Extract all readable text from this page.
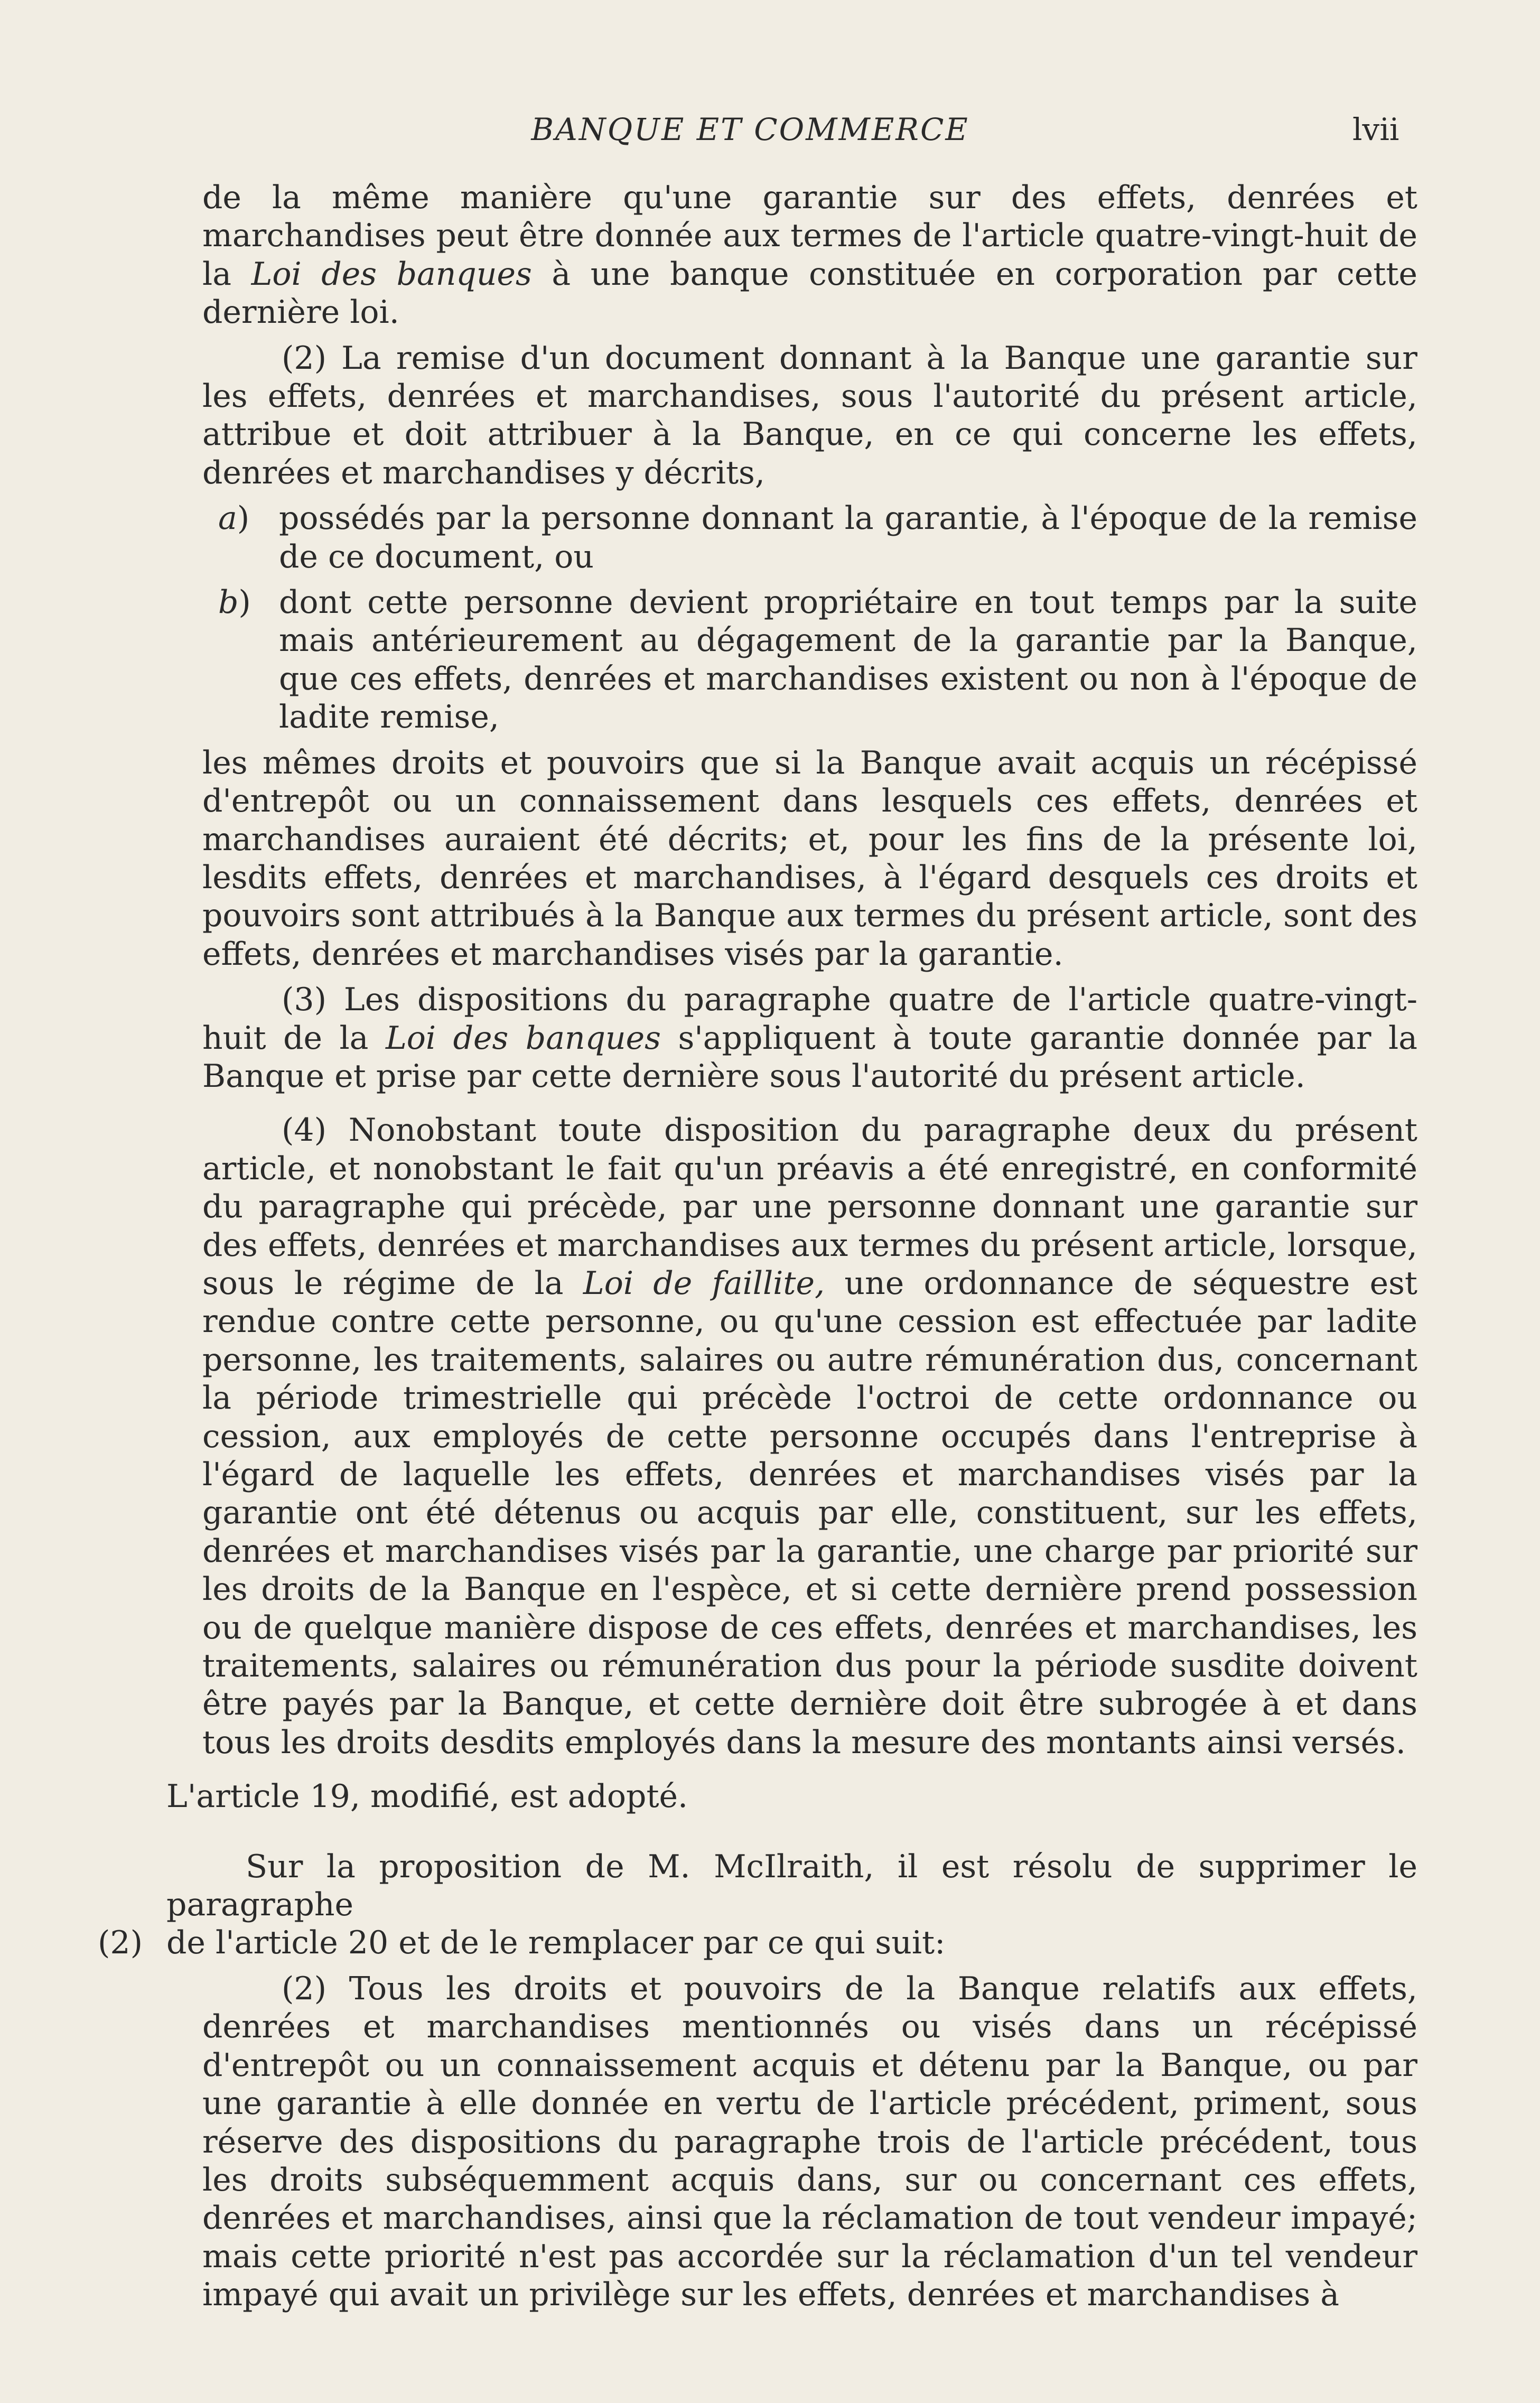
BANQUE ET COMMERCE	lvii

de la même manière qu'une garantie sur des effets, denrées et marchandises peut être donnée aux termes de l'article quatre-vingt-huit de la Loi des banques à une banque constituée en corporation par cette dernière loi.

(2) La remise d'un document donnant à la Banque une garantie sur les effets, denrées et marchandises, sous l'autorité du présent article, attribue et doit attribuer à la Banque, en ce qui concerne les effets, denrées et marchandises y décrits,

a) possédés par la personne donnant la garantie, à l'époque de la remise de ce document, ou

b) dont cette personne devient propriétaire en tout temps par la suite mais antérieurement au dégagement de la garantie par la Banque, que ces effets, denrées et marchandises existent ou non à l'époque de ladite remise,

les mêmes droits et pouvoirs que si la Banque avait acquis un récépissé d'entrepôt ou un connaissement dans lesquels ces effets, denrées et marchandises auraient été décrits; et, pour les fins de la présente loi, lesdits effets, denrées et marchandises, à l'égard desquels ces droits et pouvoirs sont attribués à la Banque aux termes du présent article, sont des effets, denrées et marchandises visés par la garantie.

(3) Les dispositions du paragraphe quatre de l'article quatre-vingt-huit de la Loi des banques s'appliquent à toute garantie donnée par la Banque et prise par cette dernière sous l'autorité du présent article.

(4) Nonobstant toute disposition du paragraphe deux du présent article, et nonobstant le fait qu'un préavis a été enregistré, en conformité du paragraphe qui précède, par une personne donnant une garantie sur des effets, denrées et marchandises aux termes du présent article, lorsque, sous le régime de la Loi de faillite, une ordonnance de séquestre est rendue contre cette personne, ou qu'une cession est effectuée par ladite personne, les traitements, salaires ou autre rémunération dus, concernant la période trimestrielle qui précède l'octroi de cette ordonnance ou cession, aux employés de cette personne occupés dans l'entreprise à l'égard de laquelle les effets, denrées et marchandises visés par la garantie ont été détenus ou acquis par elle, constituent, sur les effets, denrées et marchandises visés par la garantie, une charge par priorité sur les droits de la Banque en l'espèce, et si cette dernière prend possession ou de quelque manière dispose de ces effets, denrées et marchandises, les traitements, salaires ou rémunération dus pour la période susdite doivent être payés par la Banque, et cette dernière doit être subrogée à et dans tous les droits desdits employés dans la mesure des montants ainsi versés.

L'article 19, modifié, est adopté.

Sur la proposition de M. McIlraith, il est résolu de supprimer le paragraphe

(2) de l'article 20 et de le remplacer par ce qui suit:

(2) Tous les droits et pouvoirs de la Banque relatifs aux effets, denrées et marchandises mentionnés ou visés dans un récépissé d'entrepôt ou un connaissement acquis et détenu par la Banque, ou par une garantie à elle donnée en vertu de l'article précédent, priment, sous réserve des dispositions du paragraphe trois de l'article précédent, tous les droits subséquemment acquis dans, sur ou concernant ces effets, denrées et marchandises, ainsi que la réclamation de tout vendeur impayé; mais cette priorité n'est pas accordée sur la réclamation d'un tel vendeur impayé qui avait un privilège sur les effets, denrées et marchandises à
